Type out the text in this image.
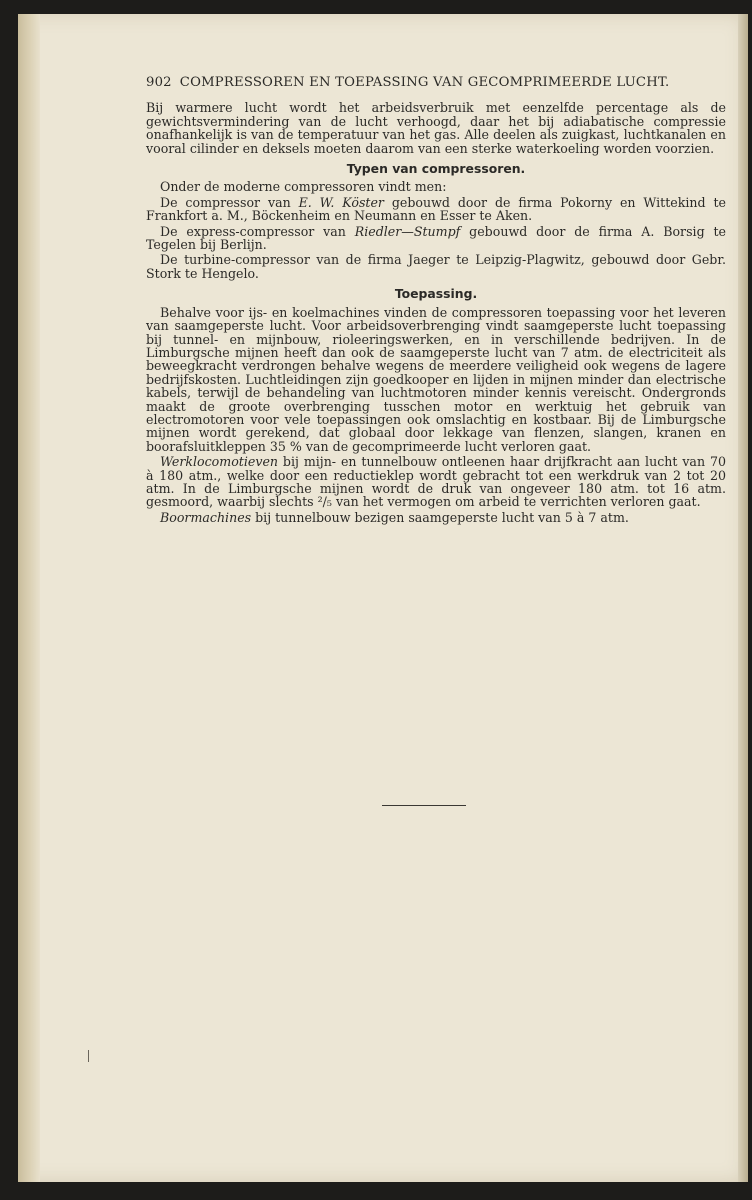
902 COMPRESSOREN EN TOEPASSING VAN GECOMPRIMEERDE LUCHT.

Bij warmere lucht wordt het arbeidsverbruik met eenzelfde percentage als de gewichtsvermindering van de lucht verhoogd, daar het bij adiabatische compressie onafhankelijk is van de temperatuur van het gas. Alle deelen als zuigkast, luchtkanalen en vooral cilinder en deksels moeten daarom van een sterke waterkoeling worden voorzien.

Typen van compressoren.

Onder de moderne compressoren vindt men:

De compressor van E. W. Köster gebouwd door de firma Pokorny en Wittekind te Frankfort a. M., Böckenheim en Neumann en Esser te Aken.

De express-compressor van Riedler—Stumpf gebouwd door de firma A. Borsig te Tegelen bij Berlijn.

De turbine-compressor van de firma Jaeger te Leipzig-Plagwitz, gebouwd door Gebr. Stork te Hengelo.

Toepassing.

Behalve voor ijs- en koelmachines vinden de compressoren toepassing voor het leveren van saamgeperste lucht. Voor arbeidsoverbrenging vindt saamgeperste lucht toepassing bij tunnel- en mijnbouw, rioleeringswerken, en in verschillende bedrijven. In de Limburgsche mijnen heeft dan ook de saamgeperste lucht van 7 atm. de electriciteit als beweegkracht verdrongen behalve wegens de meerdere veiligheid ook wegens de lagere bedrijfskosten. Luchtleidingen zijn goedkooper en lijden in mijnen minder dan electrische kabels, terwijl de behandeling van luchtmotoren minder kennis vereischt. Ondergronds maakt de groote overbrenging tusschen motor en werktuig het gebruik van electromotoren voor vele toepassingen ook omslachtig en kostbaar. Bij de Limburgsche mijnen wordt gerekend, dat globaal door lekkage van flenzen, slangen, kranen en boorafsluitkleppen 35 % van de gecomprimeerde lucht verloren gaat.

Werklocomotieven bij mijn- en tunnelbouw ontleenen haar drijfkracht aan lucht van 70 à 180 atm., welke door een reductieklep wordt gebracht tot een werkdruk van 2 tot 20 atm. In de Limburgsche mijnen wordt de druk van ongeveer 180 atm. tot 16 atm. gesmoord, waarbij slechts ²/₅ van het vermogen om arbeid te verrichten verloren gaat.

Boormachines bij tunnelbouw bezigen saamgeperste lucht van 5 à 7 atm.
